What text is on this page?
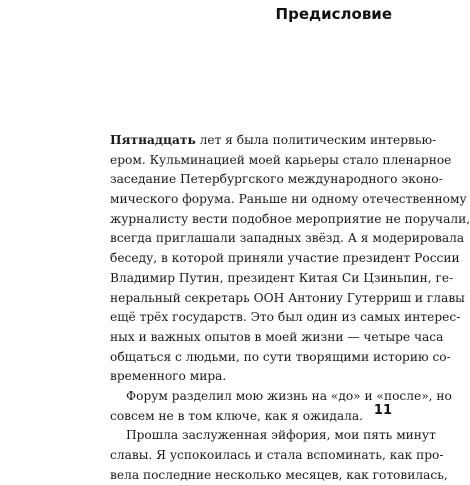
Предисловие
Пятнадцать лет я была политическим интервью-
ером. Кульминацией моей карьеры стало пленарное
заседание Петербургского международного эконо-
мического форума. Раньше ни одному отечественному
журналисту вести подобное мероприятие не поручали,
всегда приглашали западных звёзд. А я модерировала
беседу, в которой приняли участие президент России
Владимир Путин, президент Китая Си Цзиньпин, ге-
неральный секретарь ООН Антониу Гутерриш и главы
ещё трёх государств. Это был один из самых интерес-
ных и важных опытов в моей жизни — четыре часа
общаться с людьми, по сути творящими историю со-
временного мира.
Форум разделил мою жизнь на «до» и «после», но
совсем не в том ключе, как я ожидала.
Прошла заслуженная эйфория, мои пять минут
славы. Я успокоилась и стала вспоминать, как про-
вела последние несколько месяцев, как готовилась,
11
